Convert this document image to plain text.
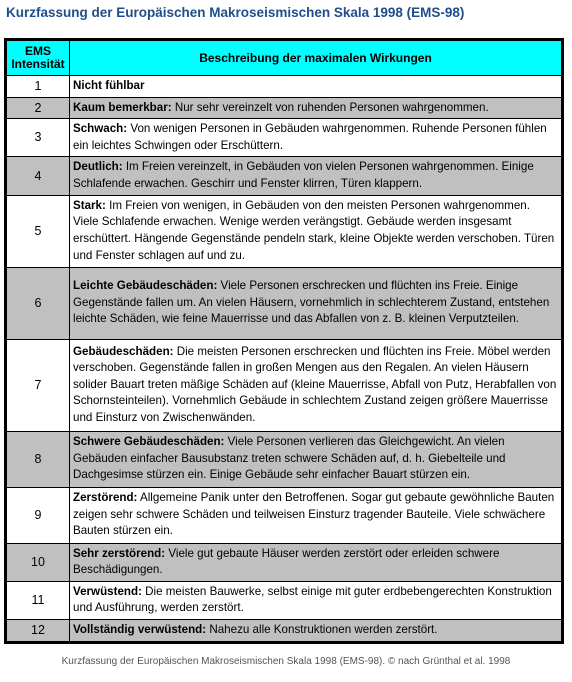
Kurzfassung der Europäischen Makroseismischen Skala 1998 (EMS-98)
EMS Intensität	Beschreibung der maximalen Wirkungen
1	Nicht fühlbar
2	Kaum bemerkbar: Nur sehr vereinzelt von ruhenden Personen wahrgenommen.
3	Schwach: Von wenigen Personen in Gebäuden wahrgenommen. Ruhende Personen fühlen ein leichtes Schwingen oder Erschüttern.
4	Deutlich: Im Freien vereinzelt, in Gebäuden von vielen Personen wahrgenommen. Einige Schlafende erwachen. Geschirr und Fenster klirren, Türen klappern.
5	Stark: Im Freien von wenigen, in Gebäuden von den meisten Personen wahrgenommen. Viele Schlafende erwachen. Wenige werden verängstigt. Gebäude werden insgesamt erschüttert. Hängende Gegenstände pendeln stark, kleine Objekte werden verschoben. Türen und Fenster schlagen auf und zu.
6	Leichte Gebäudeschäden: Viele Personen erschrecken und flüchten ins Freie. Einige Gegenstände fallen um. An vielen Häusern, vornehmlich in schlechterem Zustand, entstehen leichte Schäden, wie feine Mauerrisse und das Abfallen von z. B. kleinen Verputzteilen.
7	Gebäudeschäden: Die meisten Personen erschrecken und flüchten ins Freie. Möbel werden verschoben. Gegenstände fallen in großen Mengen aus den Regalen. An vielen Häusern solider Bauart treten mäßige Schäden auf (kleine Mauerrisse, Abfall von Putz, Herabfallen von Schornsteinteilen). Vornehmlich Gebäude in schlechtem Zustand zeigen größere Mauerrisse und Einsturz von Zwischenwänden.
8	Schwere Gebäudeschäden: Viele Personen verlieren das Gleichgewicht. An vielen Gebäuden einfacher Bausubstanz treten schwere Schäden auf, d. h. Giebelteile und Dachgesimse stürzen ein. Einige Gebäude sehr einfacher Bauart stürzen ein.
9	Zerstörend: Allgemeine Panik unter den Betroffenen. Sogar gut gebaute gewöhnliche Bauten zeigen sehr schwere Schäden und teilweisen Einsturz tragender Bauteile. Viele schwächere Bauten stürzen ein.
10	Sehr zerstörend: Viele gut gebaute Häuser werden zerstört oder erleiden schwere Beschädigungen.
11	Verwüstend: Die meisten Bauwerke, selbst einige mit guter erdbebengerechten Konstruktion und Ausführung, werden zerstört.
12	Vollständig verwüstend: Nahezu alle Konstruktionen werden zerstört.
Kurzfassung der Europäischen Makroseismischen Skala 1998 (EMS-98). © nach Grünthal et al. 1998
